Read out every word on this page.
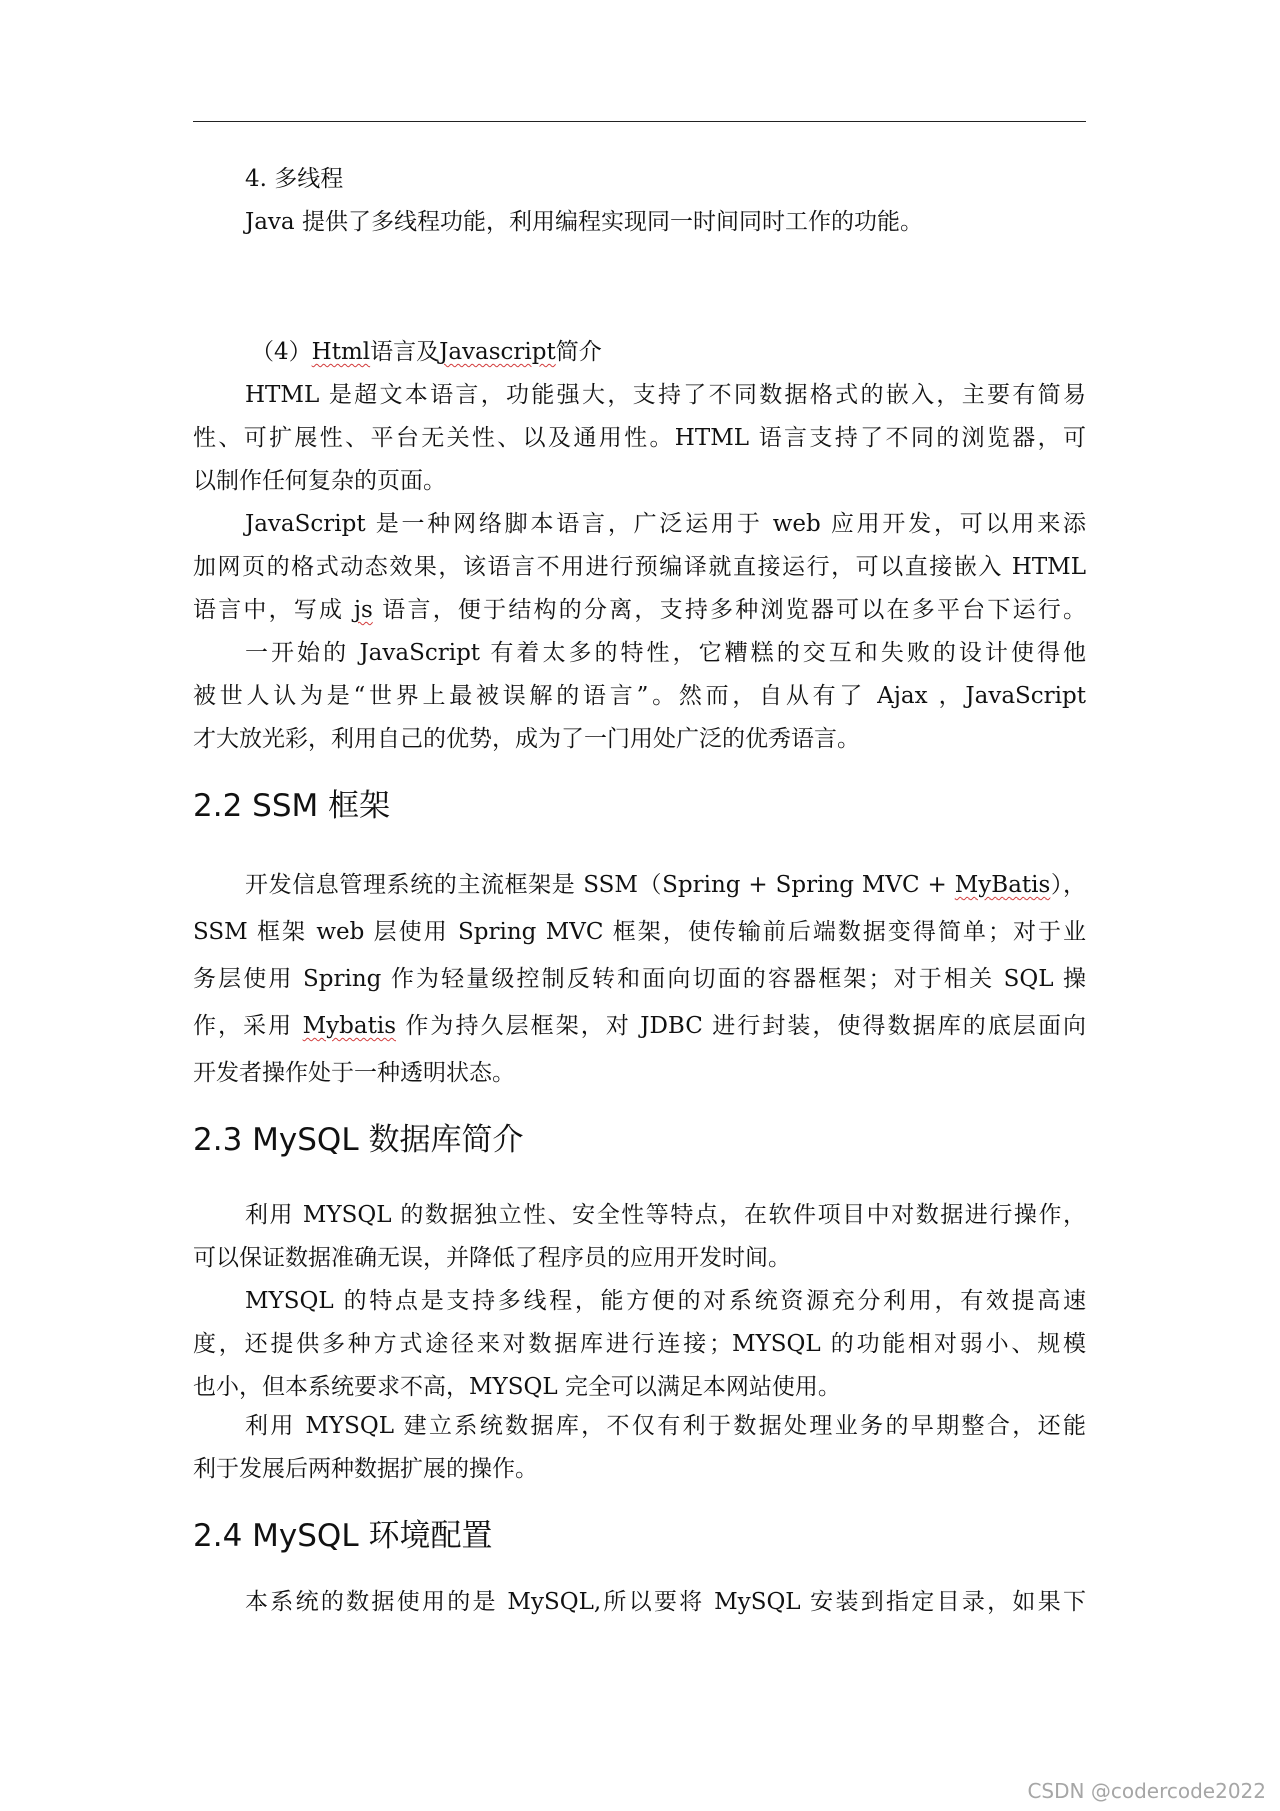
4. 多线程

Java 提供了多线程功能，利用编程实现同一时间同时工作的功能。

（4）Html语言及Javascript简介

HTML 是超文本语言，功能强大，支持了不同数据格式的嵌入，主要有简易

性、可扩展性、平台无关性、以及通用性。HTML 语言支持了不同的浏览器，可

以制作任何复杂的页面。

JavaScript 是一种网络脚本语言，广泛运用于 web 应用开发，可以用来添

加网页的格式动态效果，该语言不用进行预编译就直接运行，可以直接嵌入 HTML

语言中，写成 js 语言，便于结构的分离，支持多种浏览器可以在多平台下运行。

一开始的 JavaScript 有着太多的特性，它糟糕的交互和失败的设计使得他

被世人认为是“世界上最被误解的语言”。然而，自从有了 Ajax ，JavaScript

才大放光彩，利用自己的优势，成为了一门用处广泛的优秀语言。

2.2 SSM 框架

开发信息管理系统的主流框架是 SSM（Spring + Spring MVC + MyBatis），

SSM 框架 web 层使用 Spring MVC 框架，使传输前后端数据变得简单；对于业

务层使用 Spring 作为轻量级控制反转和面向切面的容器框架；对于相关 SQL 操

作，采用 Mybatis 作为持久层框架，对 JDBC 进行封装，使得数据库的底层面向

开发者操作处于一种透明状态。

2.3 MySQL 数据库简介

利用 MYSQL 的数据独立性、安全性等特点，在软件项目中对数据进行操作，

可以保证数据准确无误，并降低了程序员的应用开发时间。

MYSQL 的特点是支持多线程，能方便的对系统资源充分利用，有效提高速

度，还提供多种方式途径来对数据库进行连接；MYSQL 的功能相对弱小、规模

也小，但本系统要求不高，MYSQL 完全可以满足本网站使用。

利用 MYSQL 建立系统数据库，不仅有利于数据处理业务的早期整合，还能

利于发展后两种数据扩展的操作。

2.4 MySQL 环境配置

本系统的数据使用的是 MySQL,所以要将 MySQL 安装到指定目录，如果下

CSDN @codercode2022
